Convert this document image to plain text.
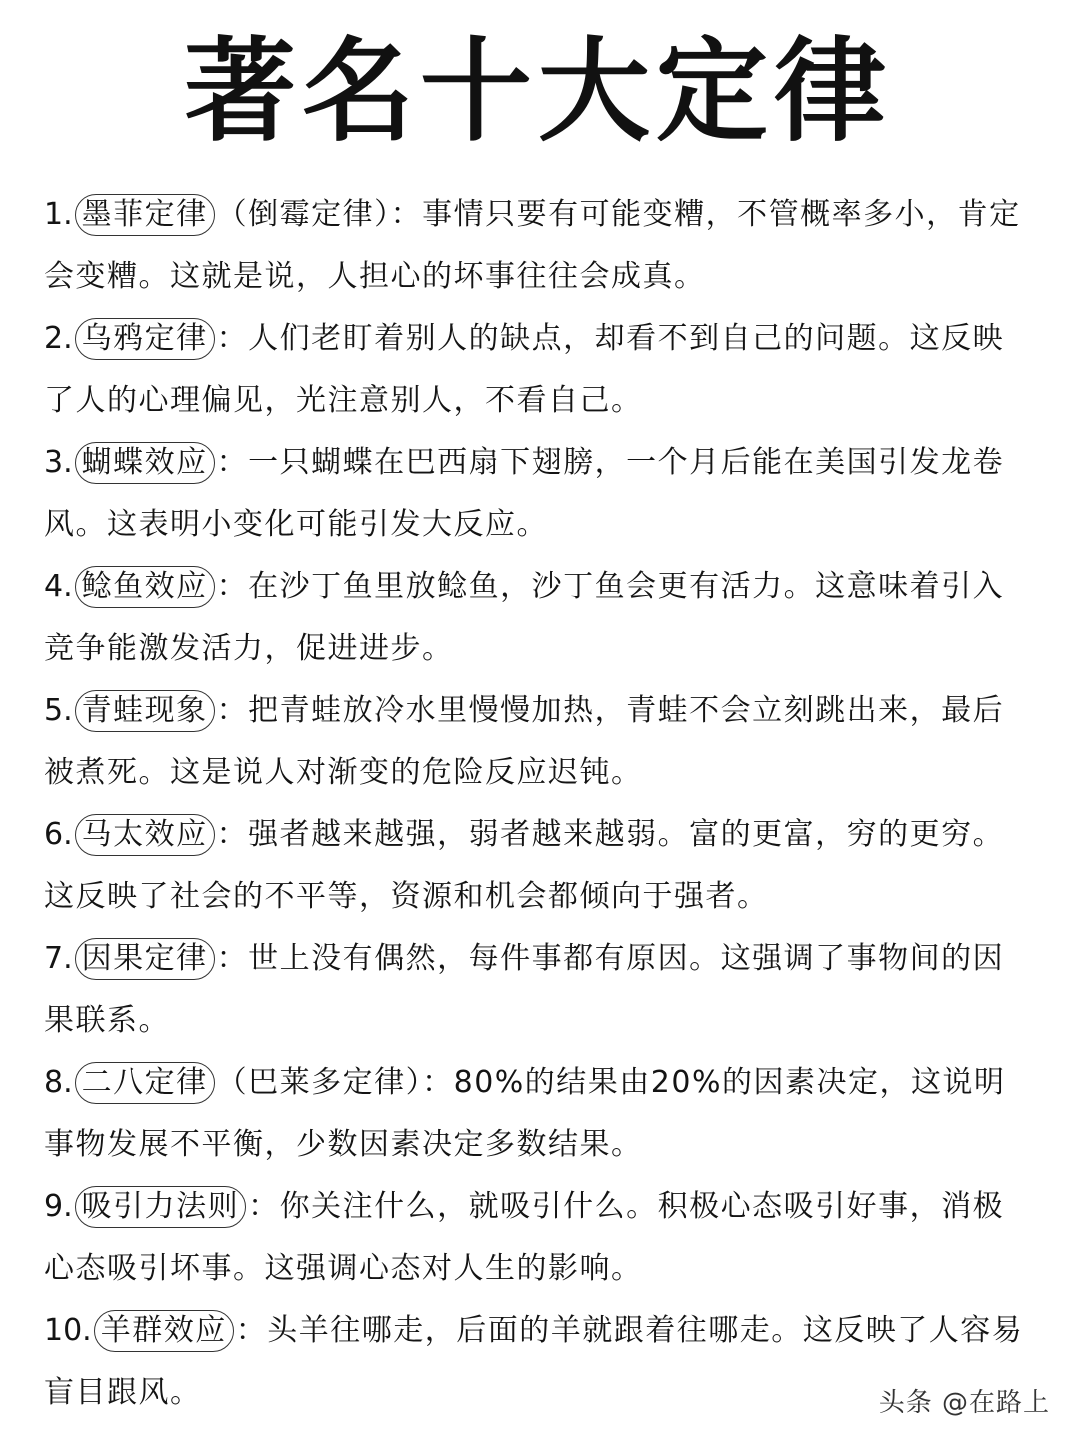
著名十大定律
1. 墨菲定律 （倒霉定律）：事情只要有可能变糟，不管概率多小，肯定会变糟。这就是说，人担心的坏事往往会成真。
2. 乌鸦定律 ：人们老盯着别人的缺点，却看不到自己的问题。这反映了人的心理偏见，光注意别人，不看自己。
3. 蝴蝶效应 ：一只蝴蝶在巴西扇下翅膀，一个月后能在美国引发龙卷风。这表明小变化可能引发大反应。
4. 鲶鱼效应 ：在沙丁鱼里放鲶鱼，沙丁鱼会更有活力。这意味着引入竞争能激发活力，促进进步。
5. 青蛙现象 ：把青蛙放冷水里慢慢加热，青蛙不会立刻跳出来，最后被煮死。这是说人对渐变的危险反应迟钝。
6. 马太效应 ：强者越来越强，弱者越来越弱。富的更富，穷的更穷。这反映了社会的不平等，资源和机会都倾向于强者。
7. 因果定律 ：世上没有偶然，每件事都有原因。这强调了事物间的因果联系。
8. 二八定律 （巴莱多定律）：80%的结果由20%的因素决定，这说明事物发展不平衡，少数因素决定多数结果。
9. 吸引力法则 ：你关注什么，就吸引什么。积极心态吸引好事，消极心态吸引坏事。这强调心态对人生的影响。
10. 羊群效应 ：头羊往哪走，后面的羊就跟着往哪走。这反映了人容易盲目跟风。	头条 @在路上
